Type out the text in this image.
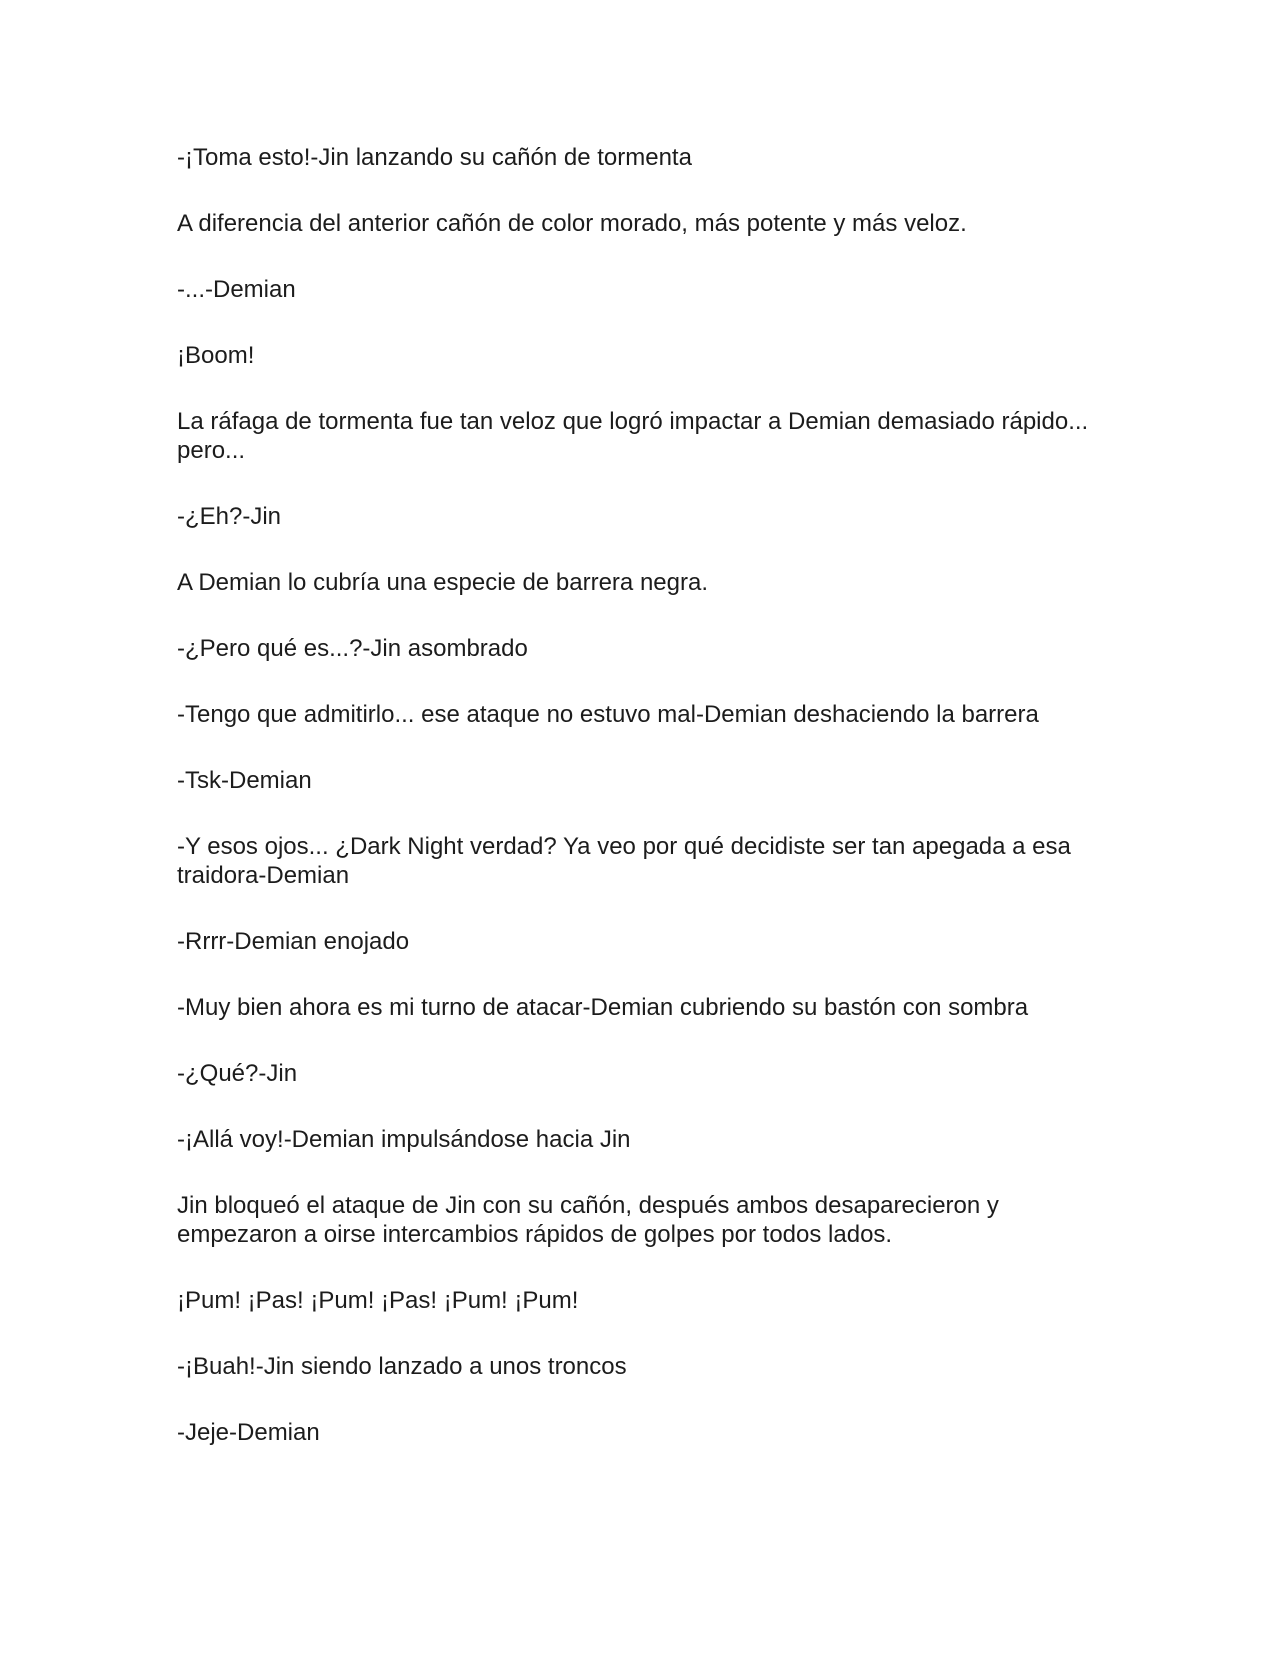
-¡Toma esto!-Jin lanzando su cañón de tormenta

A diferencia del anterior cañón de color morado, más potente y más veloz.

-...-Demian

¡Boom!

La ráfaga de tormenta fue tan veloz que logró impactar a Demian demasiado rápido... pero...

-¿Eh?-Jin

A Demian lo cubría una especie de barrera negra.

-¿Pero qué es...?-Jin asombrado

-Tengo que admitirlo... ese ataque no estuvo mal-Demian deshaciendo la barrera

-Tsk-Demian

-Y esos ojos... ¿Dark Night verdad? Ya veo por qué decidiste ser tan apegada a esa traidora-Demian

-Rrrr-Demian enojado

-Muy bien ahora es mi turno de atacar-Demian cubriendo su bastón con sombra

-¿Qué?-Jin

-¡Allá voy!-Demian impulsándose hacia Jin

Jin bloqueó el ataque de Jin con su cañón, después ambos desaparecieron y empezaron a oirse intercambios rápidos de golpes por todos lados.

¡Pum! ¡Pas! ¡Pum! ¡Pas! ¡Pum! ¡Pum!

-¡Buah!-Jin siendo lanzado a unos troncos

-Jeje-Demian
